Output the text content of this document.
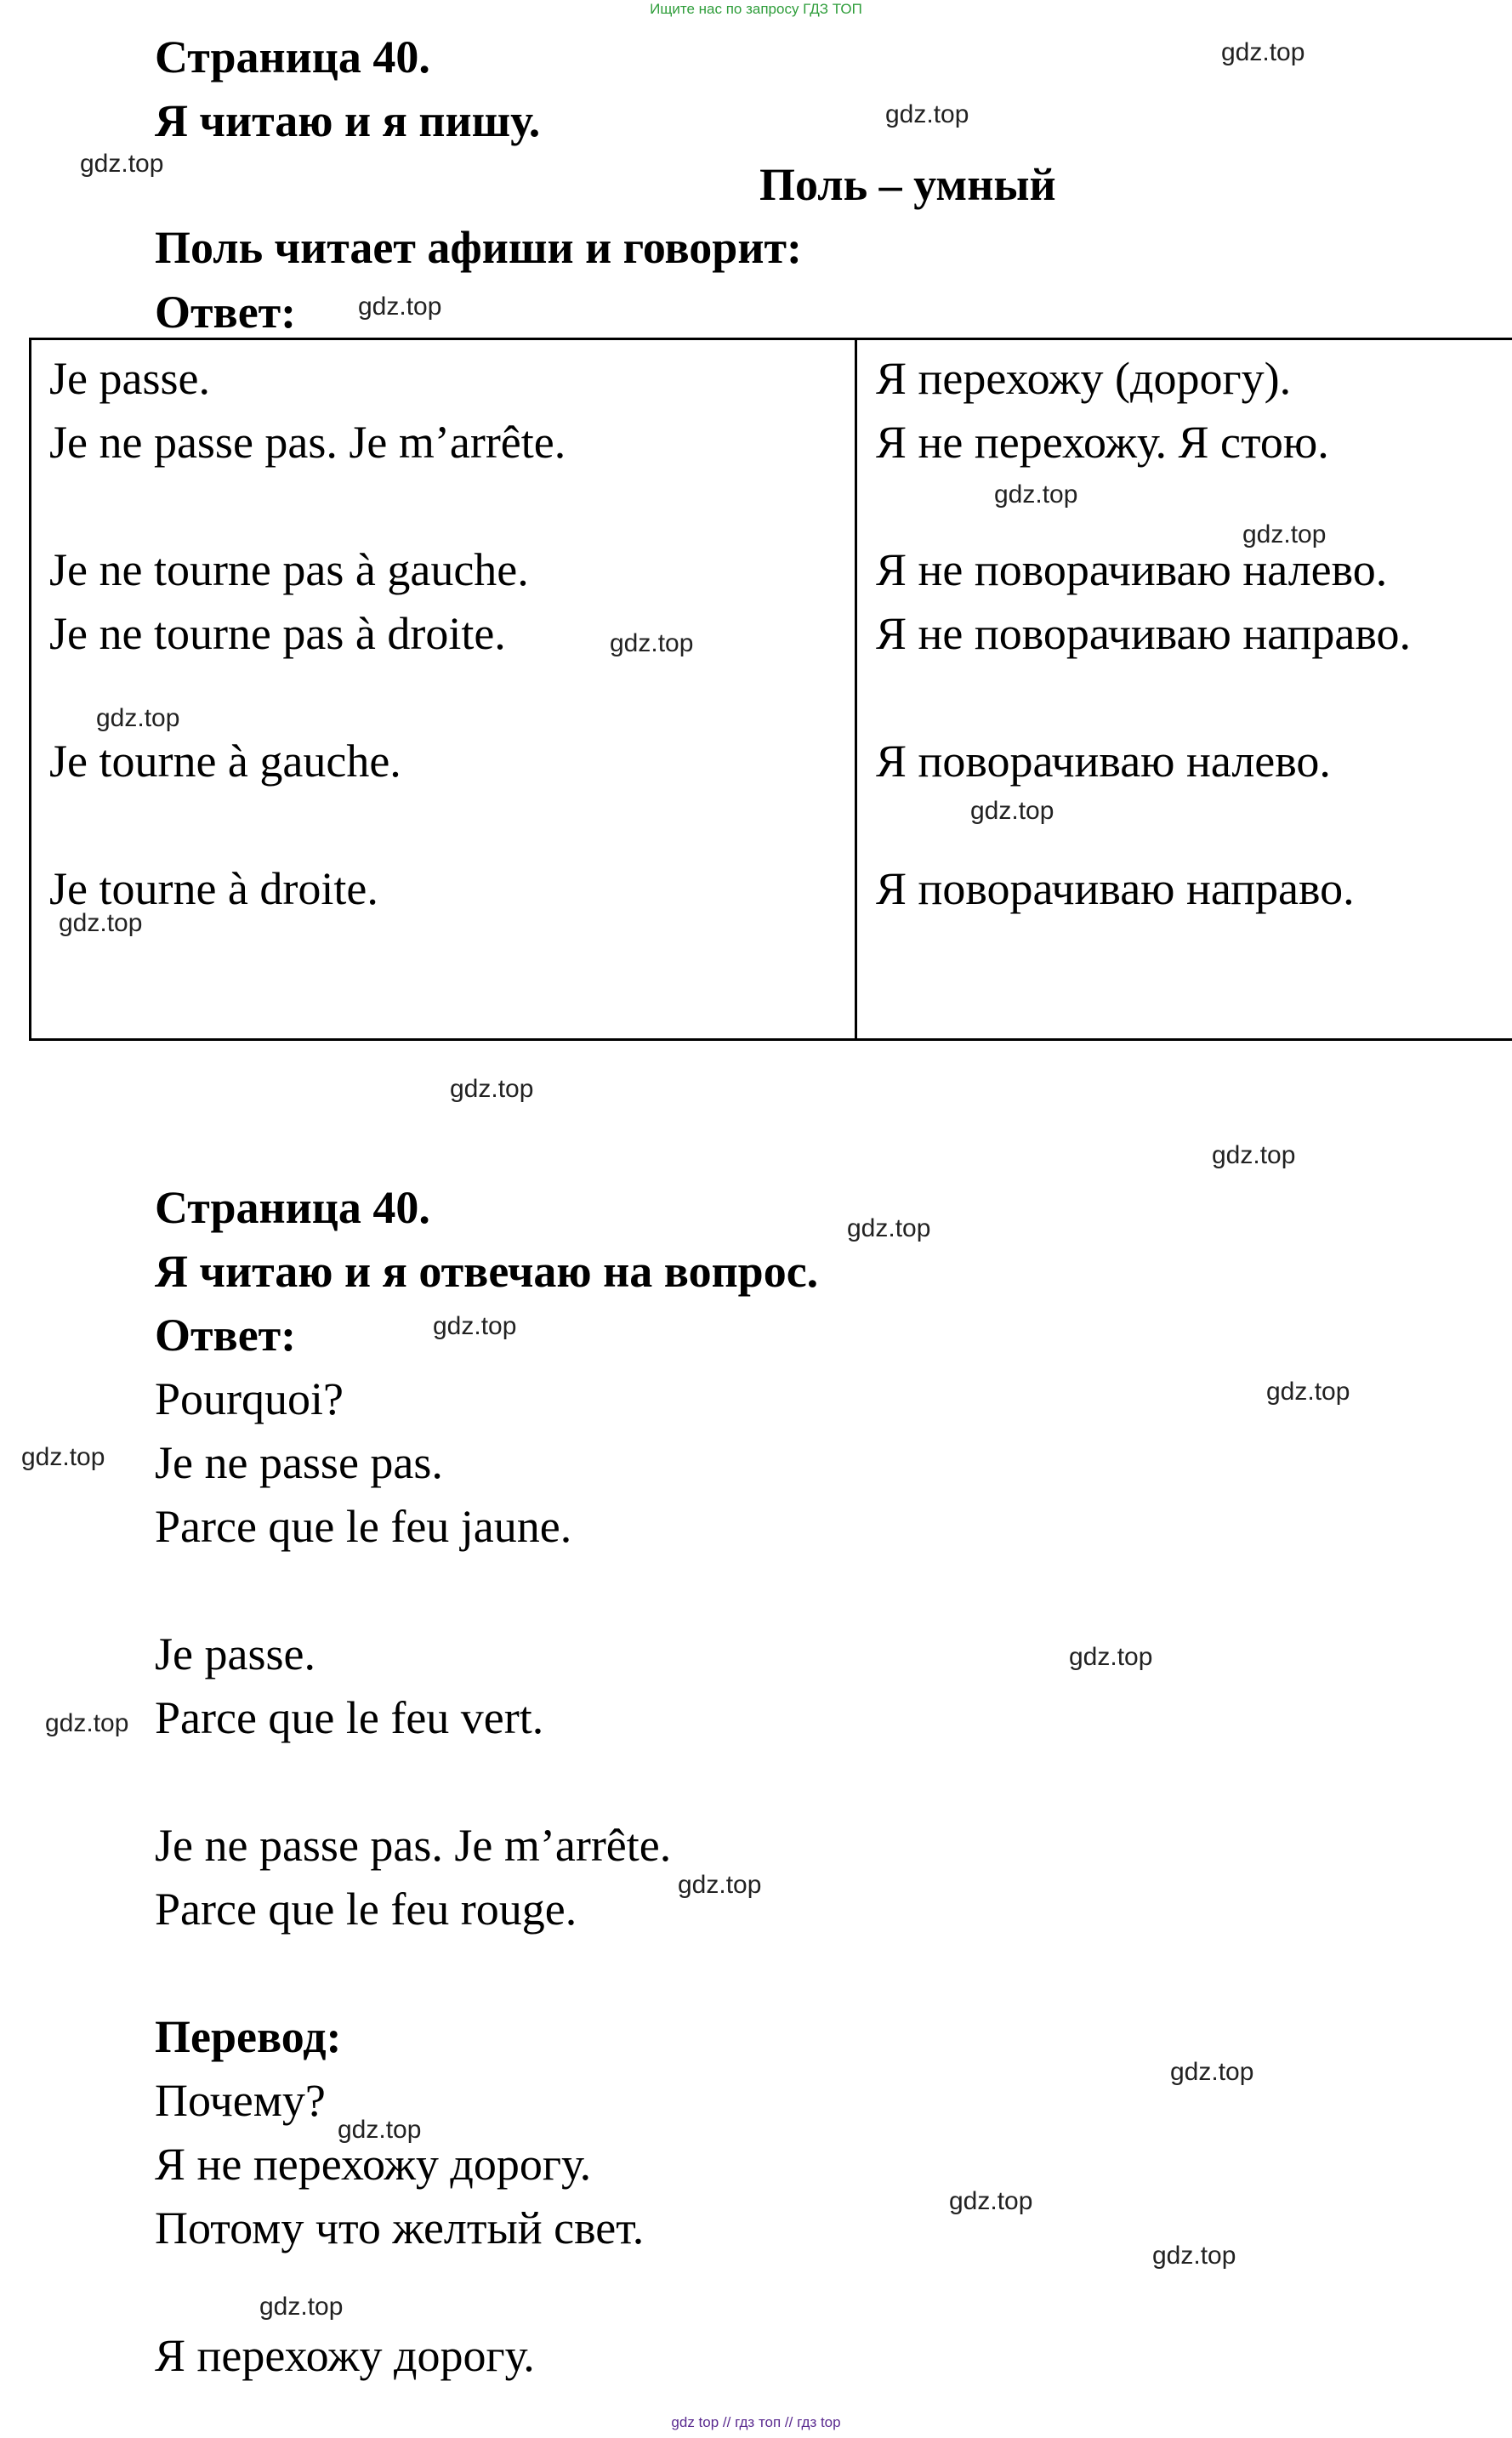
Ищите нас по запросу ГДЗ ТОП
Страница 40.
Я читаю и я пишу.
Поль – умный
Поль читает афиши и говорит:
Ответ:
Je passe.
Je ne passe pas. Je m’arrête.
Je ne tourne pas à gauche.
Je ne tourne pas à droite.
Je tourne à gauche.
Je tourne à droite.
Я перехожу (дорогу).
Я не перехожу. Я стою.
Я не поворачиваю налево.
Я не поворачиваю направо.
Я поворачиваю налево.
Я поворачиваю направо.
Страница 40.
Я читаю и я отвечаю на вопрос.
Ответ:
Pourquoi?
Je ne passe pas.
Parce que le feu jaune.
Je passe.
Parce que le feu vert.
Je ne passe pas. Je m’arrête.
Parce que le feu rouge.
Перевод:
Почему?
Я не перехожу дорогу.
Потому что желтый свет.
Я перехожу дорогу.
gdz.top
gdz.top
gdz.top
gdz.top
gdz.top
gdz.top
gdz.top
gdz.top
gdz.top
gdz.top
gdz.top
gdz.top
gdz.top
gdz.top
gdz.top
gdz.top
gdz.top
gdz.top
gdz.top
gdz.top
gdz.top
gdz.top
gdz.top
gdz.top
gdz top // гдз топ // гдз top
